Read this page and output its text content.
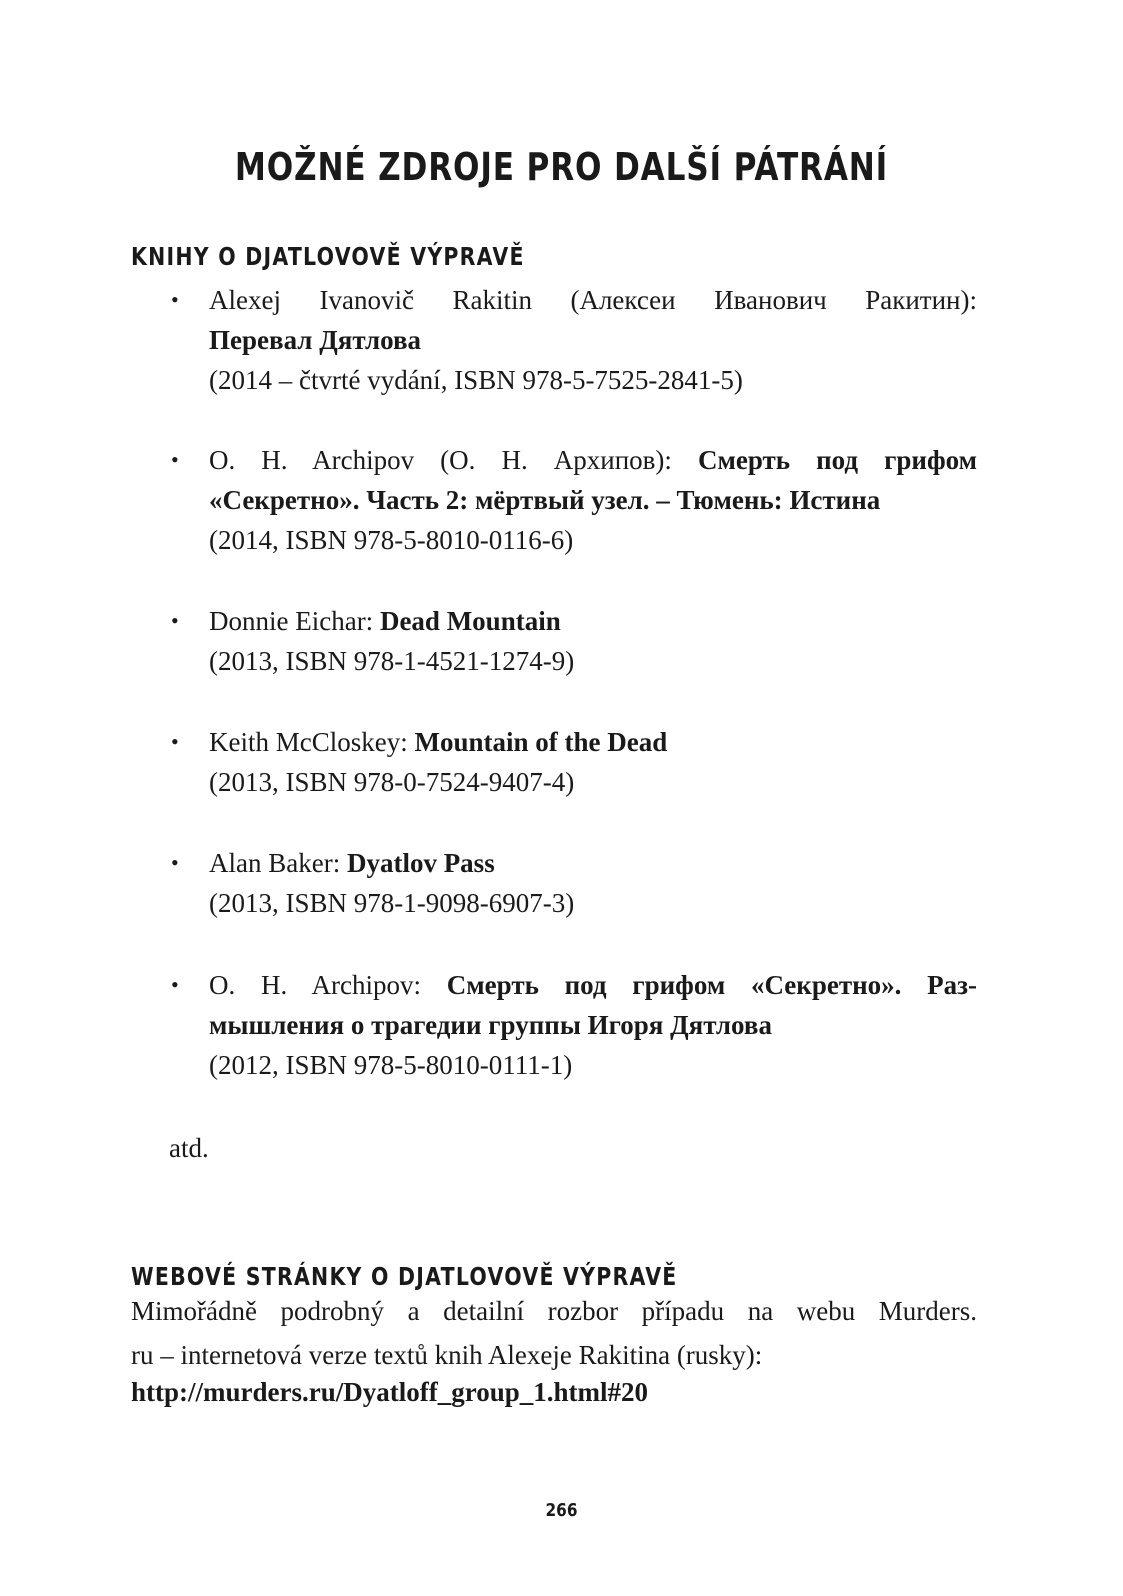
MOŽNÉ ZDROJE PRO DALŠÍ PÁTRÁNÍ
KNIHY O DJATLOVOVĚ VÝPRAVĚ
• Alexej Ivanovič Rakitin (Алексеи Иванович Ракитин):
Перевал Дятлова
(2014 – čtvrté vydání, ISBN 978-5-7525-2841-5)
• O. H. Archipov (О. Н. Архипов): Смерть под грифом
«Секретно». Часть 2: мёртвый узел. – Тюмень: Истина
(2014, ISBN 978-5-8010-0116-6)
• Donnie Eichar: Dead Mountain
(2013, ISBN 978-1-4521-1274-9)
• Keith McCloskey: Mountain of the Dead
(2013, ISBN 978-0-7524-9407-4)
• Alan Baker: Dyatlov Pass
(2013, ISBN 978-1-9098-6907-3)
• O. H. Archipov: Смерть под грифом «Секретно». Раз-
мышления о трагедии группы Игоря Дятлова
(2012, ISBN 978-5-8010-0111-1)
atd.
WEBOVÉ STRÁNKY O DJATLOVOVĚ VÝPRAVĚ
Mimořádně podrobný a detailní rozbor případu na webu Murders.
ru – internetová verze textů knih Alexeje Rakitina (rusky):
http://murders.ru/Dyatloff_group_1.html#20
266
